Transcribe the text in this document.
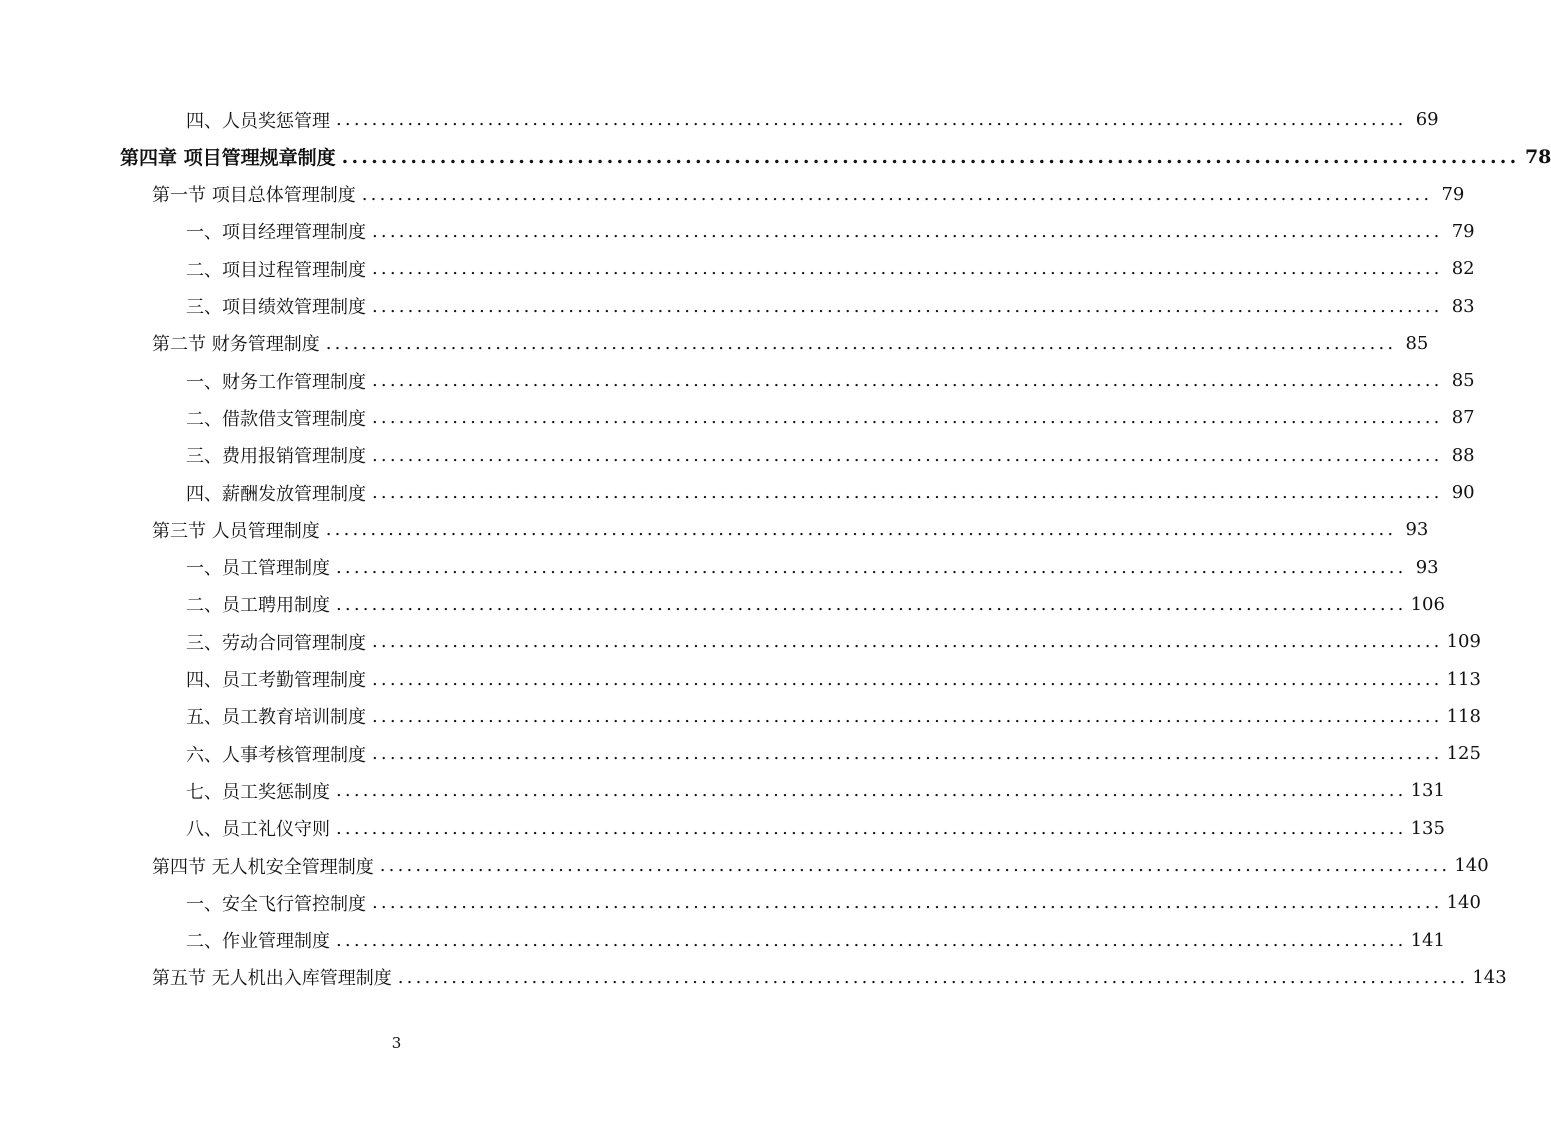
四、人员奖惩管理 ........................................................................................................................ 69
第四章 项目管理规章制度 ........................................................................................................................ 78
第一节 项目总体管理制度 ........................................................................................................................ 79
一、项目经理管理制度 ........................................................................................................................ 79
二、项目过程管理制度 ........................................................................................................................ 82
三、项目绩效管理制度 ........................................................................................................................ 83
第二节 财务管理制度 ........................................................................................................................ 85
一、财务工作管理制度 ........................................................................................................................ 85
二、借款借支管理制度 ........................................................................................................................ 87
三、费用报销管理制度 ........................................................................................................................ 88
四、薪酬发放管理制度 ........................................................................................................................ 90
第三节 人员管理制度 ........................................................................................................................ 93
一、员工管理制度 ........................................................................................................................ 93
二、员工聘用制度 ........................................................................................................................ 106
三、劳动合同管理制度 ........................................................................................................................ 109
四、员工考勤管理制度 ........................................................................................................................ 113
五、员工教育培训制度 ........................................................................................................................ 118
六、人事考核管理制度 ........................................................................................................................ 125
七、员工奖惩制度 ........................................................................................................................ 131
八、员工礼仪守则 ........................................................................................................................ 135
第四节 无人机安全管理制度 ........................................................................................................................ 140
一、安全飞行管控制度 ........................................................................................................................ 140
二、作业管理制度 ........................................................................................................................ 141
第五节 无人机出入库管理制度 ........................................................................................................................ 143
3
